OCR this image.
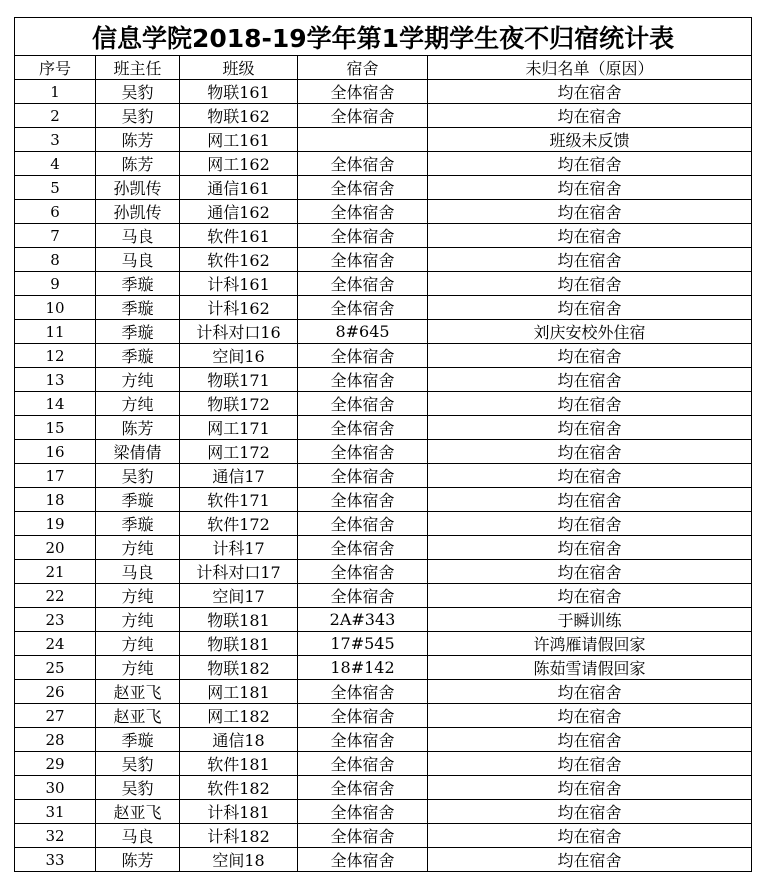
信息学院2018-19学年第1学期学生夜不归宿统计表				
序号	班主任	班级	宿舍	未归名单（原因）
1	吴豹	物联161	全体宿舍	均在宿舍
2	吴豹	物联162	全体宿舍	均在宿舍
3	陈芳	网工161		班级未反馈
4	陈芳	网工162	全体宿舍	均在宿舍
5	孙凯传	通信161	全体宿舍	均在宿舍
6	孙凯传	通信162	全体宿舍	均在宿舍
7	马良	软件161	全体宿舍	均在宿舍
8	马良	软件162	全体宿舍	均在宿舍
9	季璇	计科161	全体宿舍	均在宿舍
10	季璇	计科162	全体宿舍	均在宿舍
11	季璇	计科对口16	8#645	刘庆安校外住宿
12	季璇	空间16	全体宿舍	均在宿舍
13	方纯	物联171	全体宿舍	均在宿舍
14	方纯	物联172	全体宿舍	均在宿舍
15	陈芳	网工171	全体宿舍	均在宿舍
16	梁倩倩	网工172	全体宿舍	均在宿舍
17	吴豹	通信17	全体宿舍	均在宿舍
18	季璇	软件171	全体宿舍	均在宿舍
19	季璇	软件172	全体宿舍	均在宿舍
20	方纯	计科17	全体宿舍	均在宿舍
21	马良	计科对口17	全体宿舍	均在宿舍
22	方纯	空间17	全体宿舍	均在宿舍
23	方纯	物联181	2A#343	于瞬训练
24	方纯	物联181	17#545	许鸿雁请假回家
25	方纯	物联182	18#142	陈茹雪请假回家
26	赵亚飞	网工181	全体宿舍	均在宿舍
27	赵亚飞	网工182	全体宿舍	均在宿舍
28	季璇	通信18	全体宿舍	均在宿舍
29	吴豹	软件181	全体宿舍	均在宿舍
30	吴豹	软件182	全体宿舍	均在宿舍
31	赵亚飞	计科181	全体宿舍	均在宿舍
32	马良	计科182	全体宿舍	均在宿舍
33	陈芳	空间18	全体宿舍	均在宿舍
